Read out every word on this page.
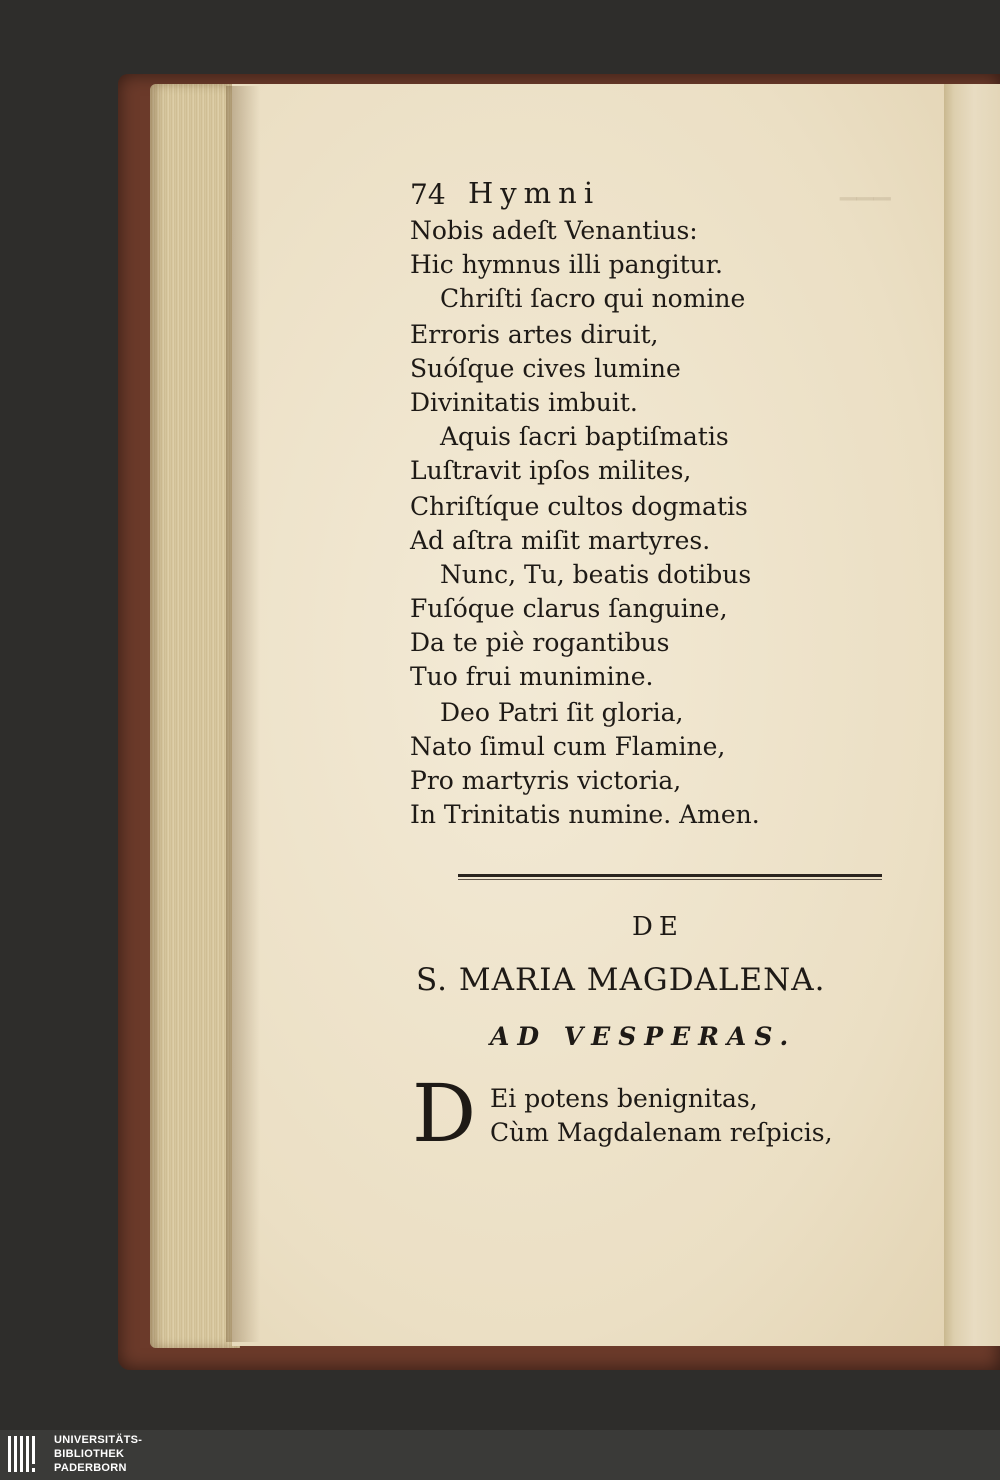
▁▁▁
74 Hymni
Nobis adeſt Venantius:
Hic hymnus illi pangitur.
Chriſti ſacro qui nomine
Erroris artes diruit,
Suóſque cives lumine
Divinitatis imbuit.
Aquis ſacri baptiſmatis
Luſtravit ipſos milites,
Chriſtíque cultos dogmatis
Ad aſtra miſit martyres.
Nunc, Tu, beatis dotibus
Fuſóque clarus ſanguine,
Da te piè rogantibus
Tuo frui munimine.
Deo Patri ſit gloria,
Nato ſimul cum Flamine,
Pro martyris victoria,
In Trinitatis numine. Amen.
DE
S. MARIA MAGDALENA.
AD VESPERAS.
D Ei potens benignitas,
Cùm Magdalenam reſpicis,
UNIVERSITÄTS-
BIBLIOTHEK
PADERBORN
